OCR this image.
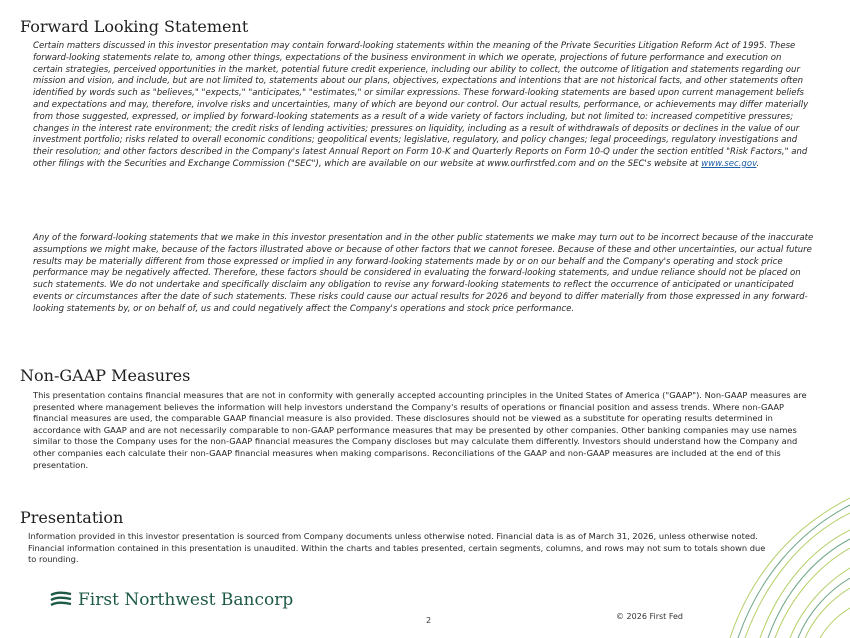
Forward Looking Statement

Certain matters discussed in this investor presentation may contain forward-looking statements within the meaning of the Private Securities Litigation Reform Act of 1995. These forward-looking statements relate to, among other things, expectations of the business environment in which we operate, projections of future performance and execution on certain strategies, perceived opportunities in the market, potential future credit experience, including our ability to collect, the outcome of litigation and statements regarding our mission and vision, and include, but are not limited to, statements about our plans, objectives, expectations and intentions that are not historical facts, and other statements often identified by words such as "believes," "expects," "anticipates," "estimates," or similar expressions. These forward-looking statements are based upon current management beliefs and expectations and may, therefore, involve risks and uncertainties, many of which are beyond our control. Our actual results, performance, or achievements may differ materially from those suggested, expressed, or implied by forward-looking statements as a result of a wide variety of factors including, but not limited to: increased competitive pressures; changes in the interest rate environment; the credit risks of lending activities; pressures on liquidity, including as a result of withdrawals of deposits or declines in the value of our investment portfolio; risks related to overall economic conditions; geopolitical events; legislative, regulatory, and policy changes; legal proceedings, regulatory investigations and their resolution; and other factors described in the Company's latest Annual Report on Form 10-K and Quarterly Reports on Form 10-Q under the section entitled "Risk Factors," and other filings with the Securities and Exchange Commission ("SEC"), which are available on our website at www.ourfirstfed.com and on the SEC's website at www.sec.gov.

Any of the forward-looking statements that we make in this investor presentation and in the other public statements we make may turn out to be incorrect because of the inaccurate assumptions we might make, because of the factors illustrated above or because of other factors that we cannot foresee. Because of these and other uncertainties, our actual future results may be materially different from those expressed or implied in any forward-looking statements made by or on our behalf and the Company's operating and stock price performance may be negatively affected. Therefore, these factors should be considered in evaluating the forward-looking statements, and undue reliance should not be placed on such statements. We do not undertake and specifically disclaim any obligation to revise any forward-looking statements to reflect the occurrence of anticipated or unanticipated events or circumstances after the date of such statements. These risks could cause our actual results for 2026 and beyond to differ materially from those expressed in any forward-looking statements by, or on behalf of, us and could negatively affect the Company's operations and stock price performance.

Non-GAAP Measures

This presentation contains financial measures that are not in conformity with generally accepted accounting principles in the United States of America ("GAAP"). Non-GAAP measures are presented where management believes the information will help investors understand the Company's results of operations or financial position and assess trends. Where non-GAAP financial measures are used, the comparable GAAP financial measure is also provided. These disclosures should not be viewed as a substitute for operating results determined in accordance with GAAP and are not necessarily comparable to non-GAAP performance measures that may be presented by other companies. Other banking companies may use names similar to those the Company uses for the non-GAAP financial measures the Company discloses but may calculate them differently. Investors should understand how the Company and other companies each calculate their non-GAAP financial measures when making comparisons. Reconciliations of the GAAP and non-GAAP measures are included at the end of this presentation.

Presentation

Information provided in this investor presentation is sourced from Company documents unless otherwise noted. Financial data is as of March 31, 2026, unless otherwise noted. Financial information contained in this presentation is unaudited. Within the charts and tables presented, certain segments, columns, and rows may not sum to totals shown due to rounding.

First Northwest Bancorp
2	© 2026 First Fed
